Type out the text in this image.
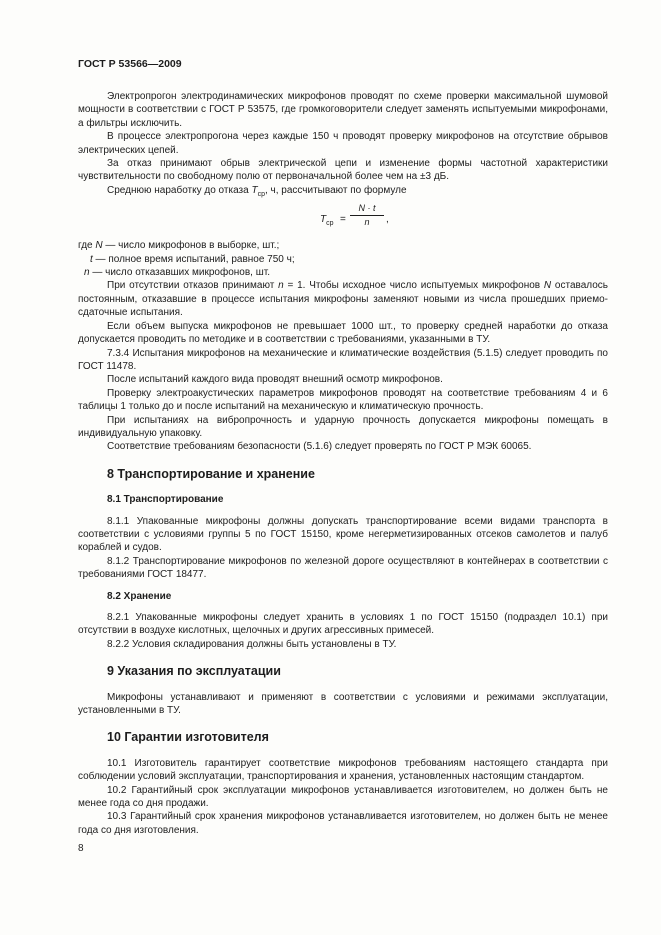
ГОСТ Р 53566—2009

Электропрогон электродинамических микрофонов проводят по схеме проверки максимальной шумовой мощности в соответствии с ГОСТ Р 53575, где громкоговорители следует заменять испытуемыми микрофонами, а фильтры исключить.

В процессе электропрогона через каждые 150 ч проводят проверку микрофонов на отсутствие обрывов электрических цепей.

За отказ принимают обрыв электрической цепи и изменение формы частотной характеристики чувствительности по свободному полю от первоначальной более чем на ±3 дБ.

Среднюю наработку до отказа $T_{ср}$, ч, рассчитывают по формуле

$T_{ср}$ =
N · t
n	,

где N — число микрофонов в выборке, шт.;

t — полное время испытаний, равное 750 ч;

n — число отказавших микрофонов, шт.

При отсутствии отказов принимают n = 1. Чтобы исходное число испытуемых микрофонов N оставалось постоянным, отказавшие в процессе испытания микрофоны заменяют новыми из числа прошедших приемо-сдаточные испытания.

Если объем выпуска микрофонов не превышает 1000 шт., то проверку средней наработки до отказа допускается проводить по методике и в соответствии с требованиями, указанными в ТУ.

7.3.4 Испытания микрофонов на механические и климатические воздействия (5.1.5) следует проводить по ГОСТ 11478.

После испытаний каждого вида проводят внешний осмотр микрофонов.

Проверку электроакустических параметров микрофонов проводят на соответствие требованиям 4 и 6 таблицы 1 только до и после испытаний на механическую и климатическую прочность.

При испытаниях на вибропрочность и ударную прочность допускается микрофоны помещать в индивидуальную упаковку.

Соответствие требованиям безопасности (5.1.6) следует проверять по ГОСТ Р МЭК 60065.

8 Транспортирование и хранение
8.1 Транспортирование

8.1.1 Упакованные микрофоны должны допускать транспортирование всеми видами транспорта в соответствии с условиями группы 5 по ГОСТ 15150, кроме негерметизированных отсеков самолетов и палуб кораблей и судов.

8.1.2 Транспортирование микрофонов по железной дороге осуществляют в контейнерах в соответствии с требованиями ГОСТ 18477.

8.2 Хранение

8.2.1 Упакованные микрофоны следует хранить в условиях 1 по ГОСТ 15150 (подраздел 10.1) при отсутствии в воздухе кислотных, щелочных и других агрессивных примесей.

8.2.2 Условия складирования должны быть установлены в ТУ.

9 Указания по эксплуатации

Микрофоны устанавливают и применяют в соответствии с условиями и режимами эксплуатации, установленными в ТУ.

10 Гарантии изготовителя

10.1 Изготовитель гарантирует соответствие микрофонов требованиям настоящего стандарта при соблюдении условий эксплуатации, транспортирования и хранения, установленных настоящим стандартом.

10.2 Гарантийный срок эксплуатации микрофонов устанавливается изготовителем, но должен быть не менее года со дня продажи.

10.3 Гарантийный срок хранения микрофонов устанавливается изготовителем, но должен быть не менее года со дня изготовления.

8
